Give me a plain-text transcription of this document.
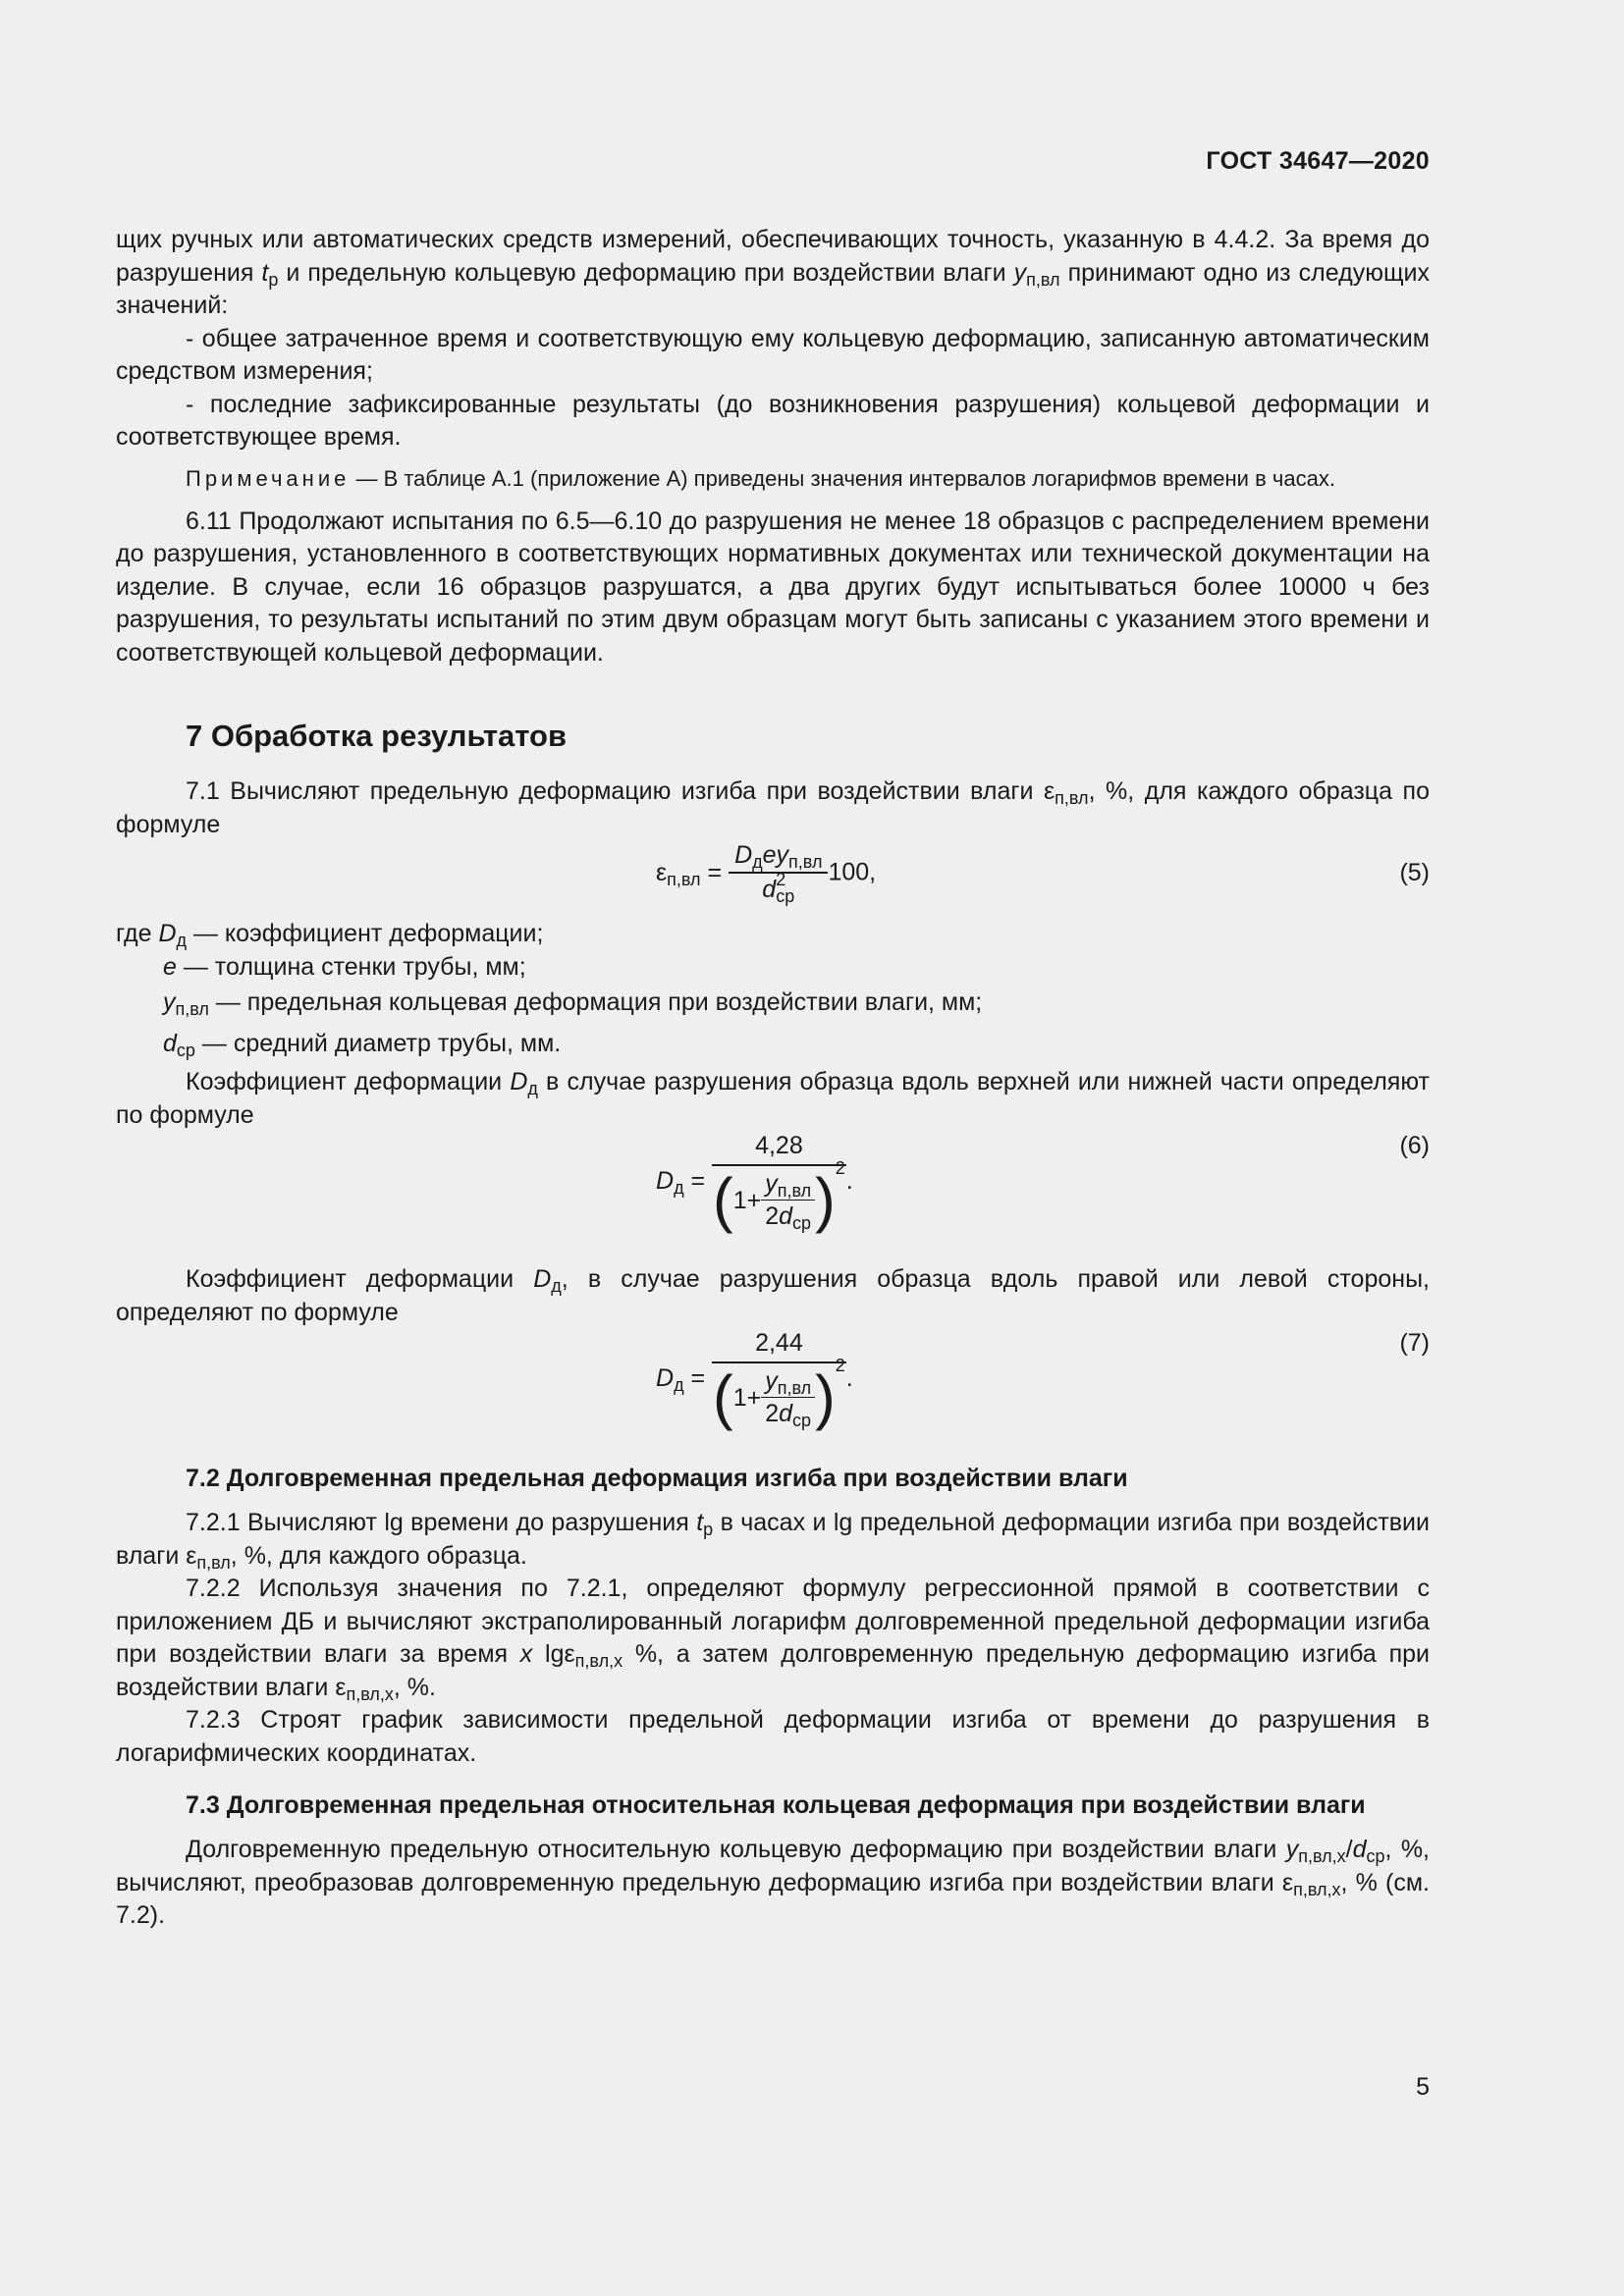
ГОСТ 34647—2020

щих ручных или автоматических средств измерений, обеспечивающих точность, указанную в 4.4.2. За время до разрушения $t_р$ и предельную кольцевую деформацию при воздействии влаги $y_{п,вл}$ принимают одно из следующих значений:

- общее затраченное время и соответствующую ему кольцевую деформацию, записанную автоматическим средством измерения;

- последние зафиксированные результаты (до возникновения разрушения) кольцевой деформации и соответствующее время.

Примечание — В таблице А.1 (приложение А) приведены значения интервалов логарифмов времени в часах.

6.11 Продолжают испытания по 6.5—6.10 до разрушения не менее 18 образцов с распределением времени до разрушения, установленного в соответствующих нормативных документах или технической документации на изделие. В случае, если 16 образцов разрушатся, а два других будут испытываться более 10000 ч без разрушения, то результаты испытаний по этим двум образцам могут быть записаны с указанием этого времени и соответствующей кольцевой деформации.

7 Обработка результатов

7.1 Вычисляют предельную деформацию изгиба при воздействии влаги $\varepsilon_{п,вл}$, %, для каждого образца по формуле

$\varepsilon_{п,вл} = \frac{D_дey_{п,вл}}{d^2_{ср}} 100$,	(5)

где $D_д$ — коэффициент деформации;

e — толщина стенки трубы, мм;

$y_{п,вл}$ — предельная кольцевая деформация при воздействии влаги, мм;

$d_{ср}$ — средний диаметр трубы, мм.

Коэффициент деформации $D_д$ в случае разрушения образца вдоль верхней или нижней части определяют по формуле

$D_д = \frac{4,28}{(1+ \frac{y_{п,вл}}{2d_{ср}} )^2}$ .
(6)

Коэффициент деформации $D_д$, в случае разрушения образца вдоль правой или левой стороны, определяют по формуле

$D_д = \frac{2,44}{(1+ \frac{y_{п,вл}}{2d_{ср}} )^2}$ .
(7)
7.2 Долговременная предельная деформация изгиба при воздействии влаги

7.2.1 Вычисляют lg времени до разрушения $t_р$ в часах и lg предельной деформации изгиба при воздействии влаги $\varepsilon_{п,вл}$, %, для каждого образца.

7.2.2 Используя значения по 7.2.1, определяют формулу регрессионной прямой в соответствии с приложением ДБ и вычисляют экстраполированный логарифм долговременной предельной деформации изгиба при воздействии влаги за время x lgε$_{п,вл,х}$ %, а затем долговременную предельную деформацию изгиба при воздействии влаги $\varepsilon_{п,вл,х}$, %.

7.2.3 Строят график зависимости предельной деформации изгиба от времени до разрушения в логарифмических координатах.

7.3 Долговременная предельная относительная кольцевая деформация при воздействии влаги

Долговременную предельную относительную кольцевую деформацию при воздействии влаги $y_{п,вл,х}/d_{ср}$, %, вычисляют, преобразовав долговременную предельную деформацию изгиба при воздействии влаги $\varepsilon_{п,вл,х}$, % (см. 7.2).

5
